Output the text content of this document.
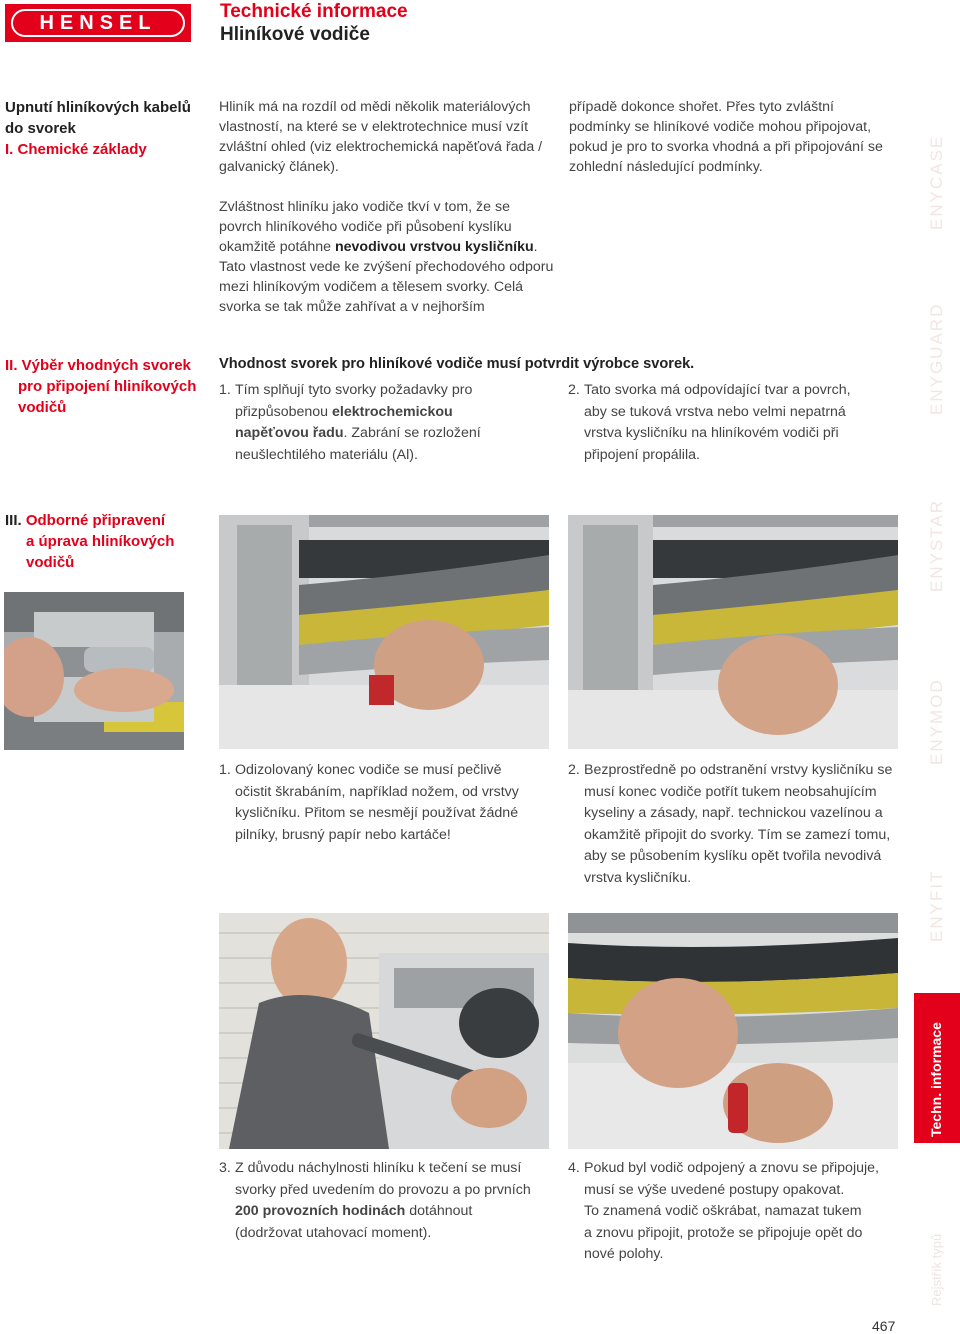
HENSEL	Technické informace
Hliníkové vodiče
Upnutí hliníkových kabelů
do svorek
I. Chemické základy
Hliník má na rozdíl od mědi několik materiálových vlastností, na které se v elektrotechnice musí vzít zvláštní ohled (viz elektrochemická napěťová řada / galvanický článek).
Zvláštnost hliníku jako vodiče tkví v tom, že se povrch hliníkového vodiče při působení kyslíku okamžitě potáhne nevodivou vrstvou kysličníku. Tato vlastnost vede ke zvýšení přechodového odporu mezi hliníkovým vodičem a tělesem svorky. Celá svorka se tak může zahřívat a v nejhorším
případě dokonce shořet. Přes tyto zvláštní podmínky se hliníkové vodiče mohou připojovat, pokud je pro to svorka vhodná a při připojování se zohlední následující podmínky.
II. Výběr vhodných svorek
pro připojení hliníkových
vodičů
Vhodnost svorek pro hliníkové vodiče musí potvrdit výrobce svorek.
1. Tím splňují tyto svorky požadavky pro
přizpůsobenou elektrochemickou
napěťovou řadu. Zabrání se rozložení
neušlechtilého materiálu (Al).
2. Tato svorka má odpovídající tvar a povrch,
aby se tuková vrstva nebo velmi nepatrná
vrstva kysličníku na hliníkovém vodiči při
připojení propálila.
III. Odborné připravení
a úprava hliníkových
vodičů
1. Odizolovaný konec vodiče se musí pečlivě
očistit škrabáním, například nožem, od vrstvy
kysličníku. Přitom se nesmějí používat žádné
pilníky, brusný papír nebo kartáče!
2. Bezprostředně po odstranění vrstvy kysličníku se
musí konec vodiče potřít tukem neobsahujícím
kyseliny a zásady, např. technickou vazelínou a
okamžitě připojit do svorky. Tím se zamezí tomu,
aby se působením kyslíku opět tvořila nevodivá
vrstva kysličníku.
3. Z důvodu náchylnosti hliníku k tečení se musí
svorky před uvedením do provozu a po prvních
200 provozních hodinách dotáhnout
(dodržovat utahovací moment).
4. Pokud byl vodič odpojený a znovu se připojuje,
musí se výše uvedené postupy opakovat.
To znamená vodič oškrábat, namazat tukem
a znovu připojit, protože se připojuje opět do
nové polohy.
ENYCASE
ENYGUARD
ENYSTAR
ENYMOD
ENYFIT
Techn. informace
Rejstřík typů
467
